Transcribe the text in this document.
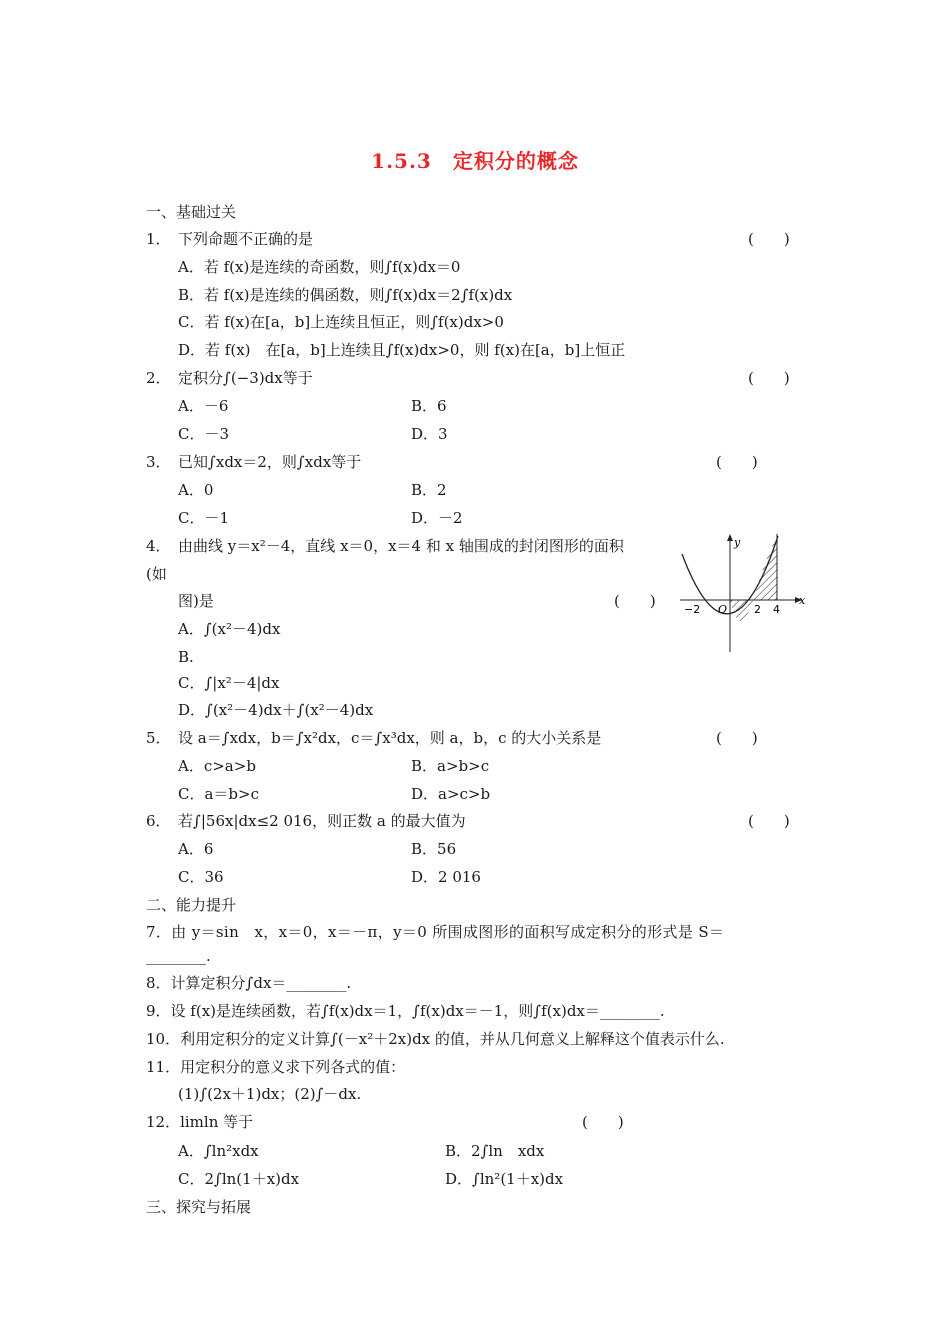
1.5.3　定积分的概念
一、基础过关
1．　下列命题不正确的是	(　　)
A．若 f(x)是连续的奇函数，则∫f(x)dx＝0
B．若 f(x)是连续的偶函数，则∫f(x)dx＝2∫f(x)dx
C．若 f(x)在[a，b]上连续且恒正，则∫f(x)dx>0
D．若 f(x)　在[a，b]上连续且∫f(x)dx>0，则 f(x)在[a，b]上恒正
2．　定积分∫(−3)dx等于	(　　)
A．－6	B．6
C．－3	D．3
3．　已知∫xdx＝2，则∫xdx等于	(　　)
A．0	B．2
C．－1	D．－2
4．　由曲线 y＝x²－4，直线 x＝0，x＝4 和 x 轴围成的封闭图形的面积
(如
图)是	(　　)
A．∫(x²－4)dx
B.
C．∫|x²－4|dx
D．∫(x²－4)dx＋∫(x²－4)dx
y
x
O
−2	2 4
5．　设 a＝∫xdx，b＝∫x²dx，c＝∫x³dx，则 a，b，c 的大小关系是	(　　)
A．c>a>b	B．a>b>c
C．a＝b>c	D．a>c>b
6．　若∫|56x|dx≤2 016，则正数 a 的最大值为	(　　)
A．6	B．56
C．36	D．2 016
二、能力提升
7．由 y＝sin　x，x＝0，x＝－π，y＝0 所围成图形的面积写成定积分的形式是 S＝
________.
8．计算定积分∫dx＝________.
9．设 f(x)是连续函数，若∫f(x)dx＝1，∫f(x)dx＝－1，则∫f(x)dx＝________.
10．利用定积分的定义计算∫(－x²＋2x)dx 的值，并从几何意义上解释这个值表示什么.
11．用定积分的意义求下列各式的值：
(1)∫(2x＋1)dx；(2)∫－dx.
12．limln 等于	(　　)
A．∫ln²xdx	B．2∫ln　xdx
C．2∫ln(1＋x)dx	D．∫ln²(1＋x)dx
三、探究与拓展
